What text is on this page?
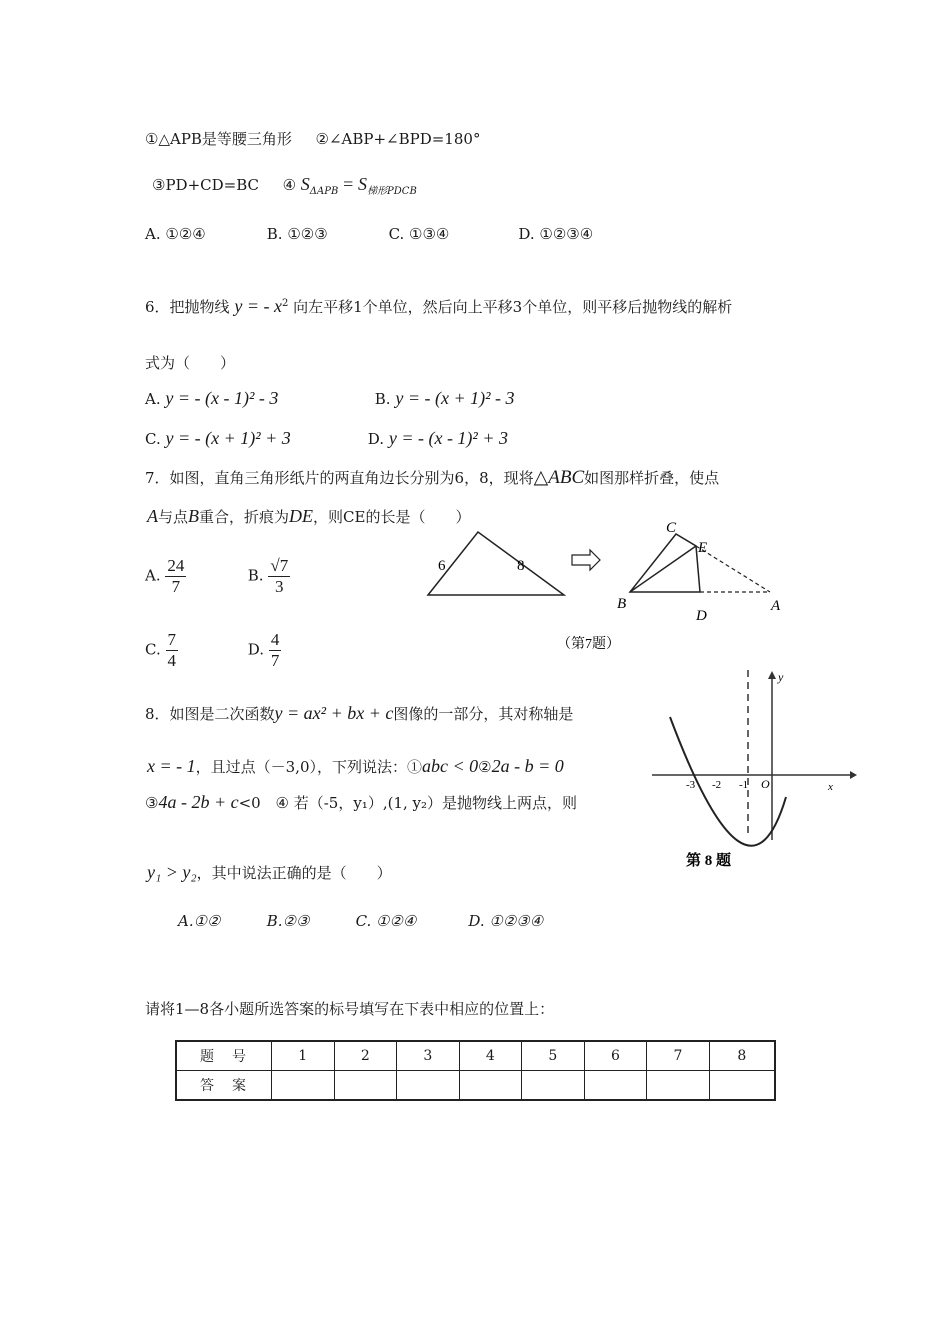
①△APB是等腰三角形 ②∠ABP+∠BPD=180°
③PD+CD=BC ④ $S_{\Delta APB} = S_{梯形PDCB}$
A. ①②④	B. ①②③	C. ①③④	D. ①②③④
6．把抛物线 y = - $x^2$ 向左平移1个单位，然后向上平移3个单位，则平移后抛物线的解析
式为（　　）
A. y = - (x - 1)² - 3	B. y = - (x + 1)² - 3
C. y = - (x + 1)² + 3	D. y = - (x - 1)² + 3
7．如图，直角三角形纸片的两直角边长分别为6，8，现将△ABC如图那样折叠，使点
A与点B重合，折痕为DE，则CE的长是（　　）
A. $\frac{24}{7}$	B. $\frac{√7}{3}$
C. $\frac{7}{4}$	D. $\frac{4}{7}$
6	8
C
E
B
D
A
（第7题）
8．如图是二次函数y = ax² + bx + c图像的一部分，其对称轴是
x = - 1，且过点（－3,0），下列说法：①abc < 0②2a - b = 0
③4a - 2b + c<0 ④ 若（-5，y₁）,(1, y₂）是抛物线上两点，则
y₁ > y₂，其中说法正确的是（　　）
A.①②	B.②③	C. ①②④	D. ①②③④
y
x
-3 -2 -1 O
第 8 题
请将1—8各小题所选答案的标号填写在下表中相应的位置上：
题号	1	2	3	4	5	6	7	8
答案								
